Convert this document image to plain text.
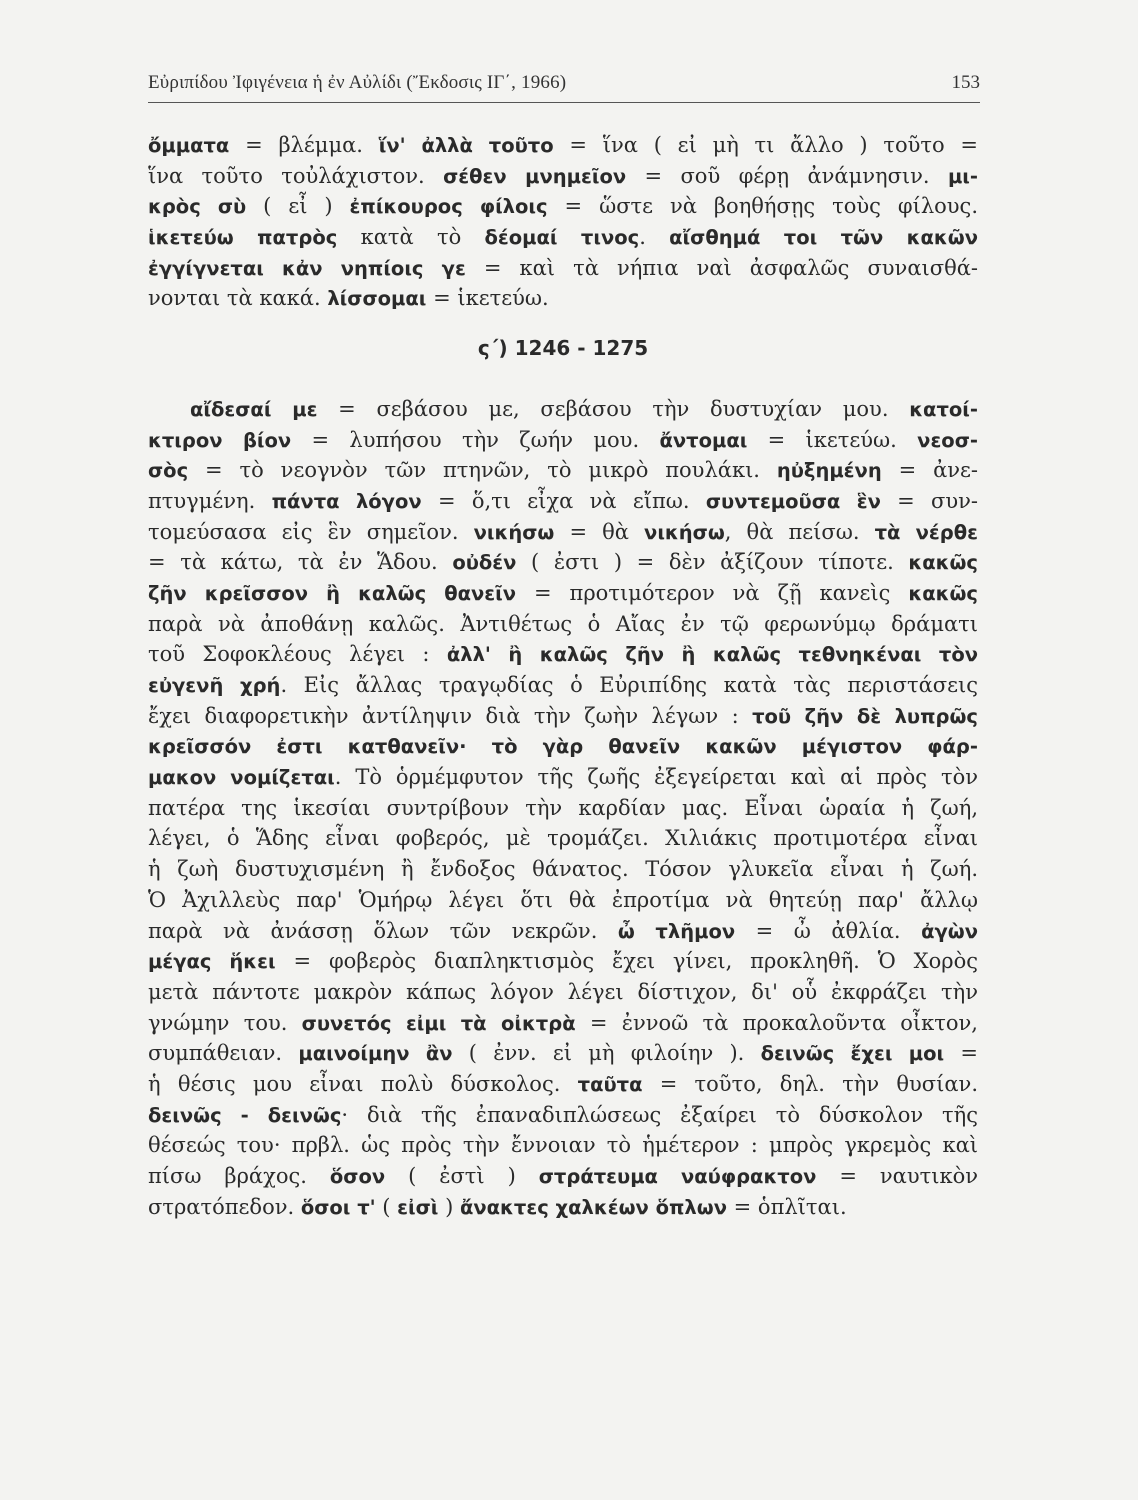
Εὐριπίδου Ἰφιγένεια ἡ ἐν Αὐλίδι (Ἔκδοσις ΙΓ΄, 1966)	153
ὄμματα = βλέμμα. ἵν' ἀλλὰ τοῦτο = ἵνα ( εἰ μὴ τι ἄλλο ) τοῦτο =
ἵνα τοῦτο τοὐλάχιστον. σέθεν μνημεῖον = σοῦ φέρῃ ἀνάμνησιν. μι-
κρὸς σὺ ( εἶ ) ἐπίκουρος φίλοις = ὥστε νὰ βοηθήσῃς τοὺς φίλους.
ἱκετεύω πατρὸς κατὰ τὸ δέομαί τινος. αἴσθημά τοι τῶν κακῶν
ἐγγίγνεται κἀν νηπίοις γε = καὶ τὰ νήπια ναὶ ἀσφαλῶς συναισθά-
νονται τὰ κακά. λίσσομαι = ἱκετεύω.
ς΄) 1246 - 1275
αἴδεσαί με = σεβάσου με, σεβάσου τὴν δυστυχίαν μου. κατοί-
κτιρον βίον = λυπήσου τὴν ζωήν μου. ἄντομαι = ἱκετεύω. νεοσ-
σὸς = τὸ νεογνὸν τῶν πτηνῶν, τὸ μικρὸ πουλάκι. ηὐξημένη = ἀνε-
πτυγμένη. πάντα λόγον = ὅ,τι εἶχα νὰ εἴπω. συντεμοῦσα ἓν = συν-
τομεύσασα εἰς ἓν σημεῖον. νικήσω = θὰ νικήσω, θὰ πείσω. τὰ νέρθε
= τὰ κάτω, τὰ ἐν Ἅδου. οὐδέν ( ἐστι ) = δὲν ἀξίζουν τίποτε. κακῶς
ζῆν κρεῖσσον ἢ καλῶς θανεῖν = προτιμότερον νὰ ζῇ κανεὶς κακῶς
παρὰ νὰ ἀποθάνῃ καλῶς. Ἀντιθέτως ὁ Αἴας ἐν τῷ φερωνύμῳ δράματι
τοῦ Σοφοκλέους λέγει : ἀλλ' ἢ καλῶς ζῆν ἢ καλῶς τεθνηκέναι τὸν
εὐγενῆ χρή. Εἰς ἄλλας τραγῳδίας ὁ Εὐριπίδης κατὰ τὰς περιστάσεις
ἔχει διαφορετικὴν ἀντίληψιν διὰ τὴν ζωὴν λέγων : τοῦ ζῆν δὲ λυπρῶς
κρεῖσσόν ἐστι κατθανεῖν· τὸ γὰρ θανεῖν κακῶν μέγιστον φάρ-
μακον νομίζεται. Τὸ ὁρμέμφυτον τῆς ζωῆς ἐξεγείρεται καὶ αἱ πρὸς τὸν
πατέρα της ἱκεσίαι συντρίβουν τὴν καρδίαν μας. Εἶναι ὡραία ἡ ζωή,
λέγει, ὁ Ἅδης εἶναι φοβερός, μὲ τρομάζει. Χιλιάκις προτιμοτέρα εἶναι
ἡ ζωὴ δυστυχισμένη ἢ ἔνδοξος θάνατος. Τόσον γλυκεῖα εἶναι ἡ ζωή.
Ὁ Ἀχιλλεὺς παρ' Ὁμήρῳ λέγει ὅτι θὰ ἐπροτίμα νὰ θητεύῃ παρ' ἄλλῳ
παρὰ νὰ ἀνάσσῃ ὅλων τῶν νεκρῶν. ὦ τλῆμον = ὦ ἀθλία. ἀγὼν
μέγας ἥκει = φοβερὸς διαπληκτισμὸς ἔχει γίνει, προκληθῆ. Ὁ Χορὸς
μετὰ πάντοτε μακρὸν κάπως λόγον λέγει δίστιχον, δι' οὗ ἐκφράζει τὴν
γνώμην του. συνετός εἰμι τὰ οἰκτρὰ = ἐννοῶ τὰ προκαλοῦντα οἶκτον,
συμπάθειαν. μαινοίμην ἂν ( ἐνν. εἰ μὴ φιλοίην ). δεινῶς ἔχει μοι =
ἡ θέσις μου εἶναι πολὺ δύσκολος. ταῦτα = τοῦτο, δηλ. τὴν θυσίαν.
δεινῶς - δεινῶς· διὰ τῆς ἐπαναδιπλώσεως ἐξαίρει τὸ δύσκολον τῆς
θέσεώς του· πρβλ. ὡς πρὸς τὴν ἔννοιαν τὸ ἡμέτερον : μπρὸς γκρεμὸς καὶ
πίσω βράχος. ὅσον ( ἐστὶ ) στράτευμα ναύφρακτον = ναυτικὸν
στρατόπεδον. ὅσοι τ' ( εἰσὶ ) ἄνακτες χαλκέων ὅπλων = ὁπλῖται.
